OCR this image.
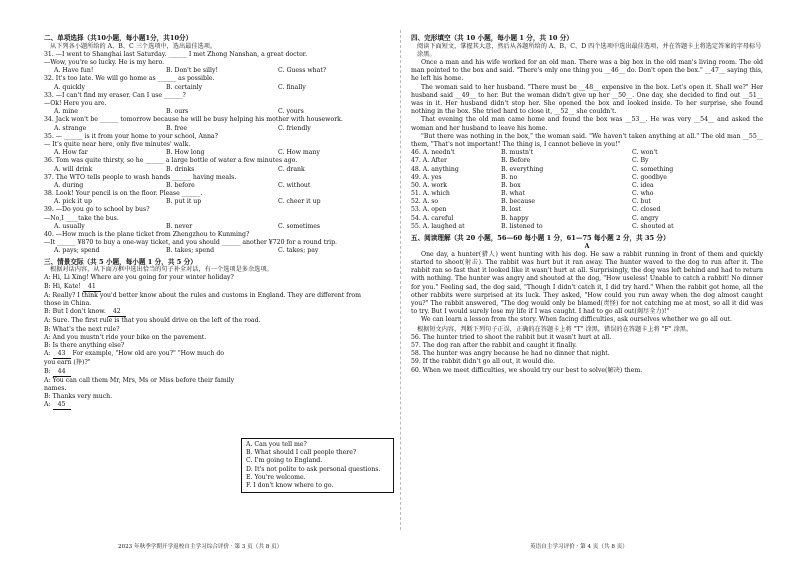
二、单项选择（共10小题，每小题1分，共10分）

从下列各小题所给的 A、B、C 三个选项中，选出最佳选项。

31. —I went to Shanghai last Saturday. ______ I met Zhong Nanshan, a great doctor.

—Wow, you're so lucky. He is my hero.

A. Have fun!	B. Don't be silly!	C. Guess what?

32. It's too late. We will go home as ______ as possible.

A. quickly	B. certainly	C. finally

33. —I can't find my eraser. Can I use ______?

—Ok! Here you are.

A. mine	B. ours	C. yours

34. Jack won't be ______ tomorrow because he will be busy helping his mother with housework.

A. strange	B. free	C. friendly

35. — ______ is it from your home to your school, Anna?

— It's quite near here, only five minutes' walk.

A. How far	B. How long	C. How many

36. Tom was quite thirsty, so he ______ a large bottle of water a few minutes ago.

A. will drink	B. drinks	C. drank

37. The WTO tells people to wash hands ______ having meals.

A. during	B. before	C. without

38. Look! Your pencil is on the floor. Please ______.

A. pick it up	B. put it up	C. cheer it up

39. —Do you go to school by bus?

—No,I ____take the bus.

A. usually	B. never	C. sometimes

40. —How much is the plane ticket from Zhengzhou to Kunming?

—It ______ ¥870 to buy a one-way ticket, and you should ______ another ¥720 for a round trip.

A. pays; spend	B. takes; spend	C. takes; pay

三、情景交际（共 5 小题，每小题 1 分，共 5 分）

根据对话内容，从下面方框中选出恰当的句子补全对话，有一个选项是多余选项。

A: Hi, Li Xing! Where are you going for your winter holiday?

B: Hi, Kate! 41

A: Really? I think you'd better know about the rules and customs in England. They are different from

those in China.

B: But I don't know. 42

A: Sure. The first rule is that you should drive on the left of the road.

B: What's the next rule?

A: And you mustn't ride your bike on the pavement.

B: Is there anything else?

A: 43 For example, "How old are you?" "How much do

you earn (挣)?"

B: 44

A: You can call them Mr, Mrs, Ms or Miss before their family

names.

B: Thanks very much.

A: 45

A. Can you tell me?
B. What should I call people there?
C. I'm going to England.
D. It's not polite to ask personal questions.
E. You're welcome.
F. I don't know where to go.
2023 年秋季学期开学返校自主学习综合评价 · 第 3 页（共 8 页）

四、完形填空（共 10 小题，每小题 1 分，共 10 分）

阅读下面短文，掌握其大意，然后从各题所给的 A、B、C、D 四个选项中选出最佳选项，并在答题卡上将选定答案的字母标号涂黑。

Once a man and his wife worked for an old man. There was a big box in the old man's living room. The old man pointed to the box and said. "There's only one thing you __46__ do. Don't open the box." __47__ saying this, he left his home.

The woman said to her husband. "There must be __48__ expensive in the box. Let's open it. Shall we?" Her husband said __49__ to her. But the woman didn't give up her __50__. One day, she decided to find out __51__ was in it. Her husband didn't stop her. She opened the box and looked inside. To her surprise, she found nothing in the box. She tried hard to close it, __52__ she couldn't.

That evening the old man came home and found the box was __53__. He was very __54__ and asked the woman and her husband to leave his home.

"But there was nothing in the box," the woman said. "We haven't taken anything at all." The old man __55__ them, "That's not important! The thing is, I cannot believe in you!"

46. A. needn't	B. mustn't	C. won't
47. A. After	B. Before	C. By
48. A. anything	B. everything	C. something
49. A. yes	B. no	C. goodbye
50. A. work	B. box	C. idea
51. A. which	B. what	C. who
52. A. so	B. because	C. but
53. A. open	B. lost	C. closed
54. A. careful	B. happy	C. angry
55. A. laughed at	B. listened to	C. shouted at

五、阅读理解（共 20 小题，56—60 每小题 1 分，61—75 每小题 2 分，共 35 分）

A

One day, a hunter(猎人) went hunting with his dog. He saw a rabbit running in front of them and quickly started to shoot(射击). The rabbit was hurt but it ran away. The hunter waved to the dog to run after it. The rabbit ran so fast that it looked like it wasn't hurt at all. Surprisingly, the dog was left behind and had to return with nothing. The hunter was angry and shouted at the dog, "How useless! Unable to catch a rabbit! No dinner for you." Feeling sad, the dog said, "Though I didn't catch it, I did try hard." When the rabbit got home, all the other rabbits were surprised at its luck. They asked, "How could you run away when the dog almost caught you?" The rabbit answered, "The dog would only be blamed(责怪) for not catching me at most, so all it did was to try. But I would surely lose my life if I was caught. I had to go all out(竭尽全力)!"

We can learn a lesson from the story. When facing difficulties, ask ourselves whether we go all out.

根据短文内容，判断下列句子正误，正确的在答题卡上将 "T" 涂黑，错误的在答题卡上将 "F" 涂黑。

56. The hunter tried to shoot the rabbit but it wasn't hurt at all.

57. The dog ran after the rabbit and caught it finally.

58. The hunter was angry because he had no dinner that night.

59. If the rabbit didn't go all out, it would die.

60. When we meet difficulties, we should try our best to solve(解决) them.

英语自主学习评价 · 第 4 页（共 8 页）
